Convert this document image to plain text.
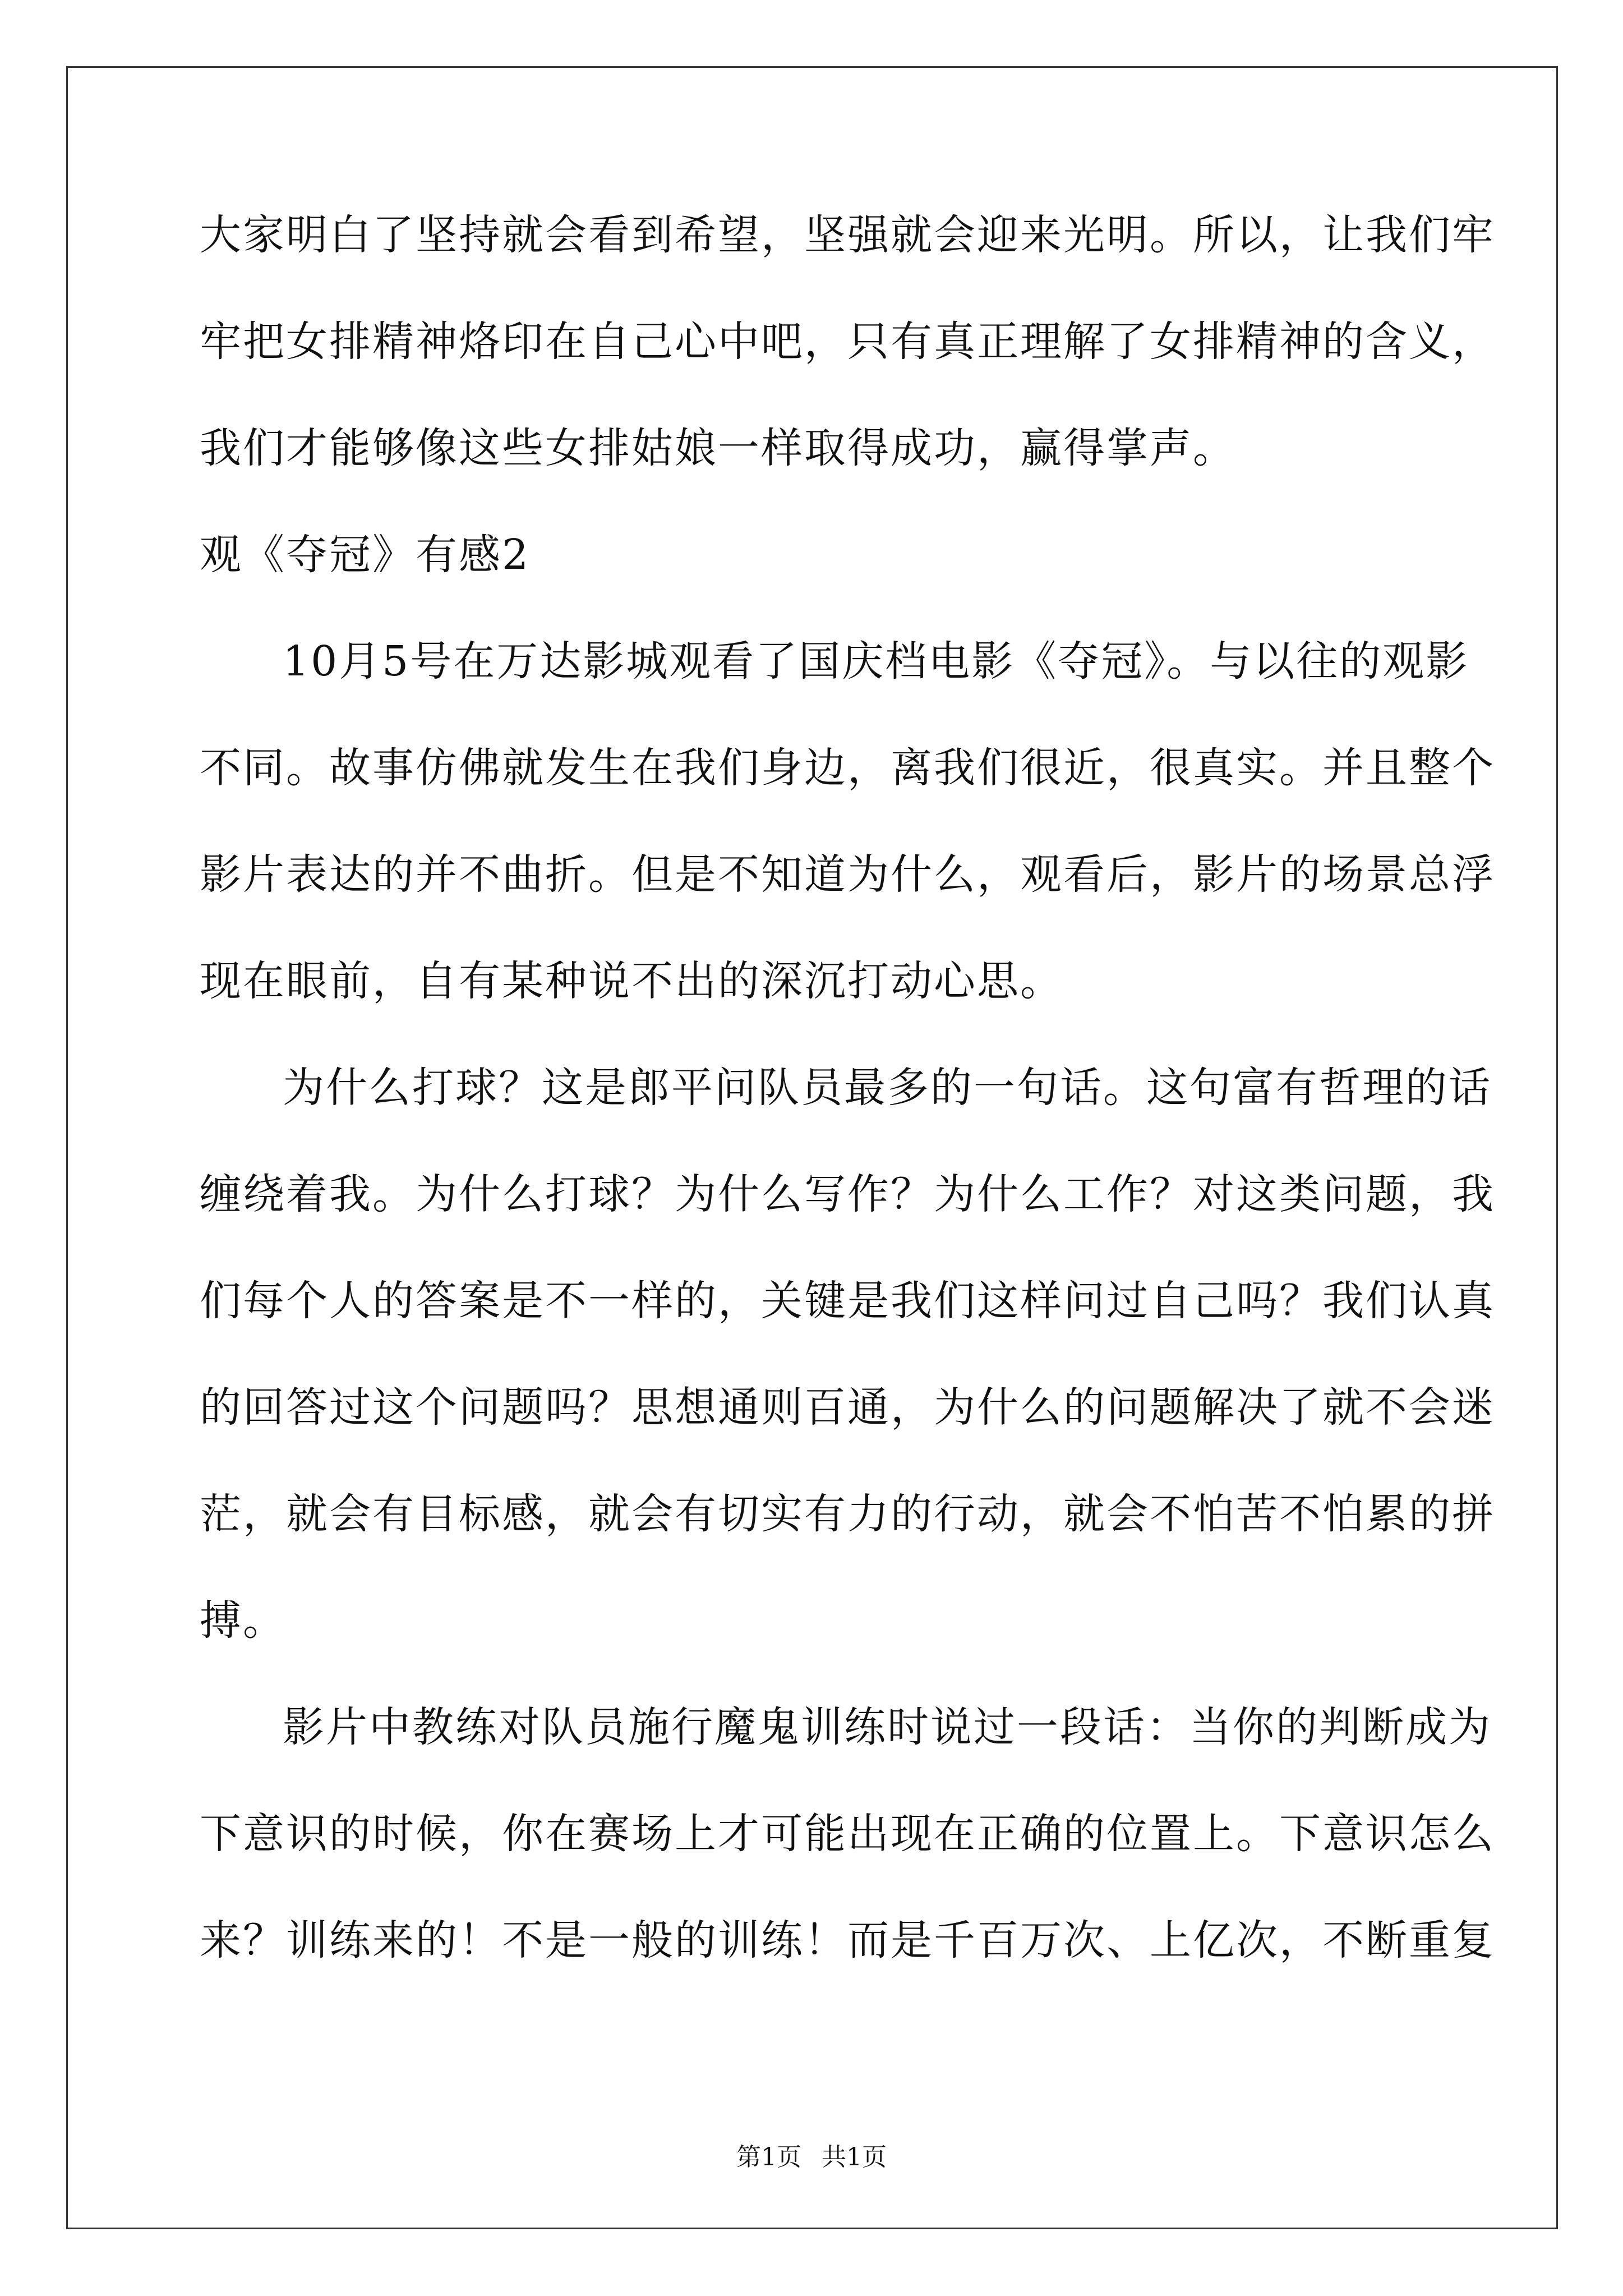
大家明白了坚持就会看到希望，坚强就会迎来光明。所以，让我们牢
牢把女排精神烙印在自己心中吧，只有真正理解了女排精神的含义，
我们才能够像这些女排姑娘一样取得成功，赢得掌声。
观《夺冠》有感2
10月5号在万达影城观看了国庆档电影《夺冠》。与以往的观影
不同。故事仿佛就发生在我们身边，离我们很近，很真实。并且整个
影片表达的并不曲折。但是不知道为什么，观看后，影片的场景总浮
现在眼前，自有某种说不出的深沉打动心思。
为什么打球？这是郎平问队员最多的一句话。这句富有哲理的话
缠绕着我。为什么打球？为什么写作？为什么工作？对这类问题，我
们每个人的答案是不一样的，关键是我们这样问过自己吗？我们认真
的回答过这个问题吗？思想通则百通，为什么的问题解决了就不会迷
茫，就会有目标感，就会有切实有力的行动，就会不怕苦不怕累的拼
搏。
影片中教练对队员施行魔鬼训练时说过一段话：当你的判断成为
下意识的时候，你在赛场上才可能出现在正确的位置上。下意识怎么
来？训练来的！不是一般的训练！而是千百万次、上亿次，不断重复
第1页 共1页
